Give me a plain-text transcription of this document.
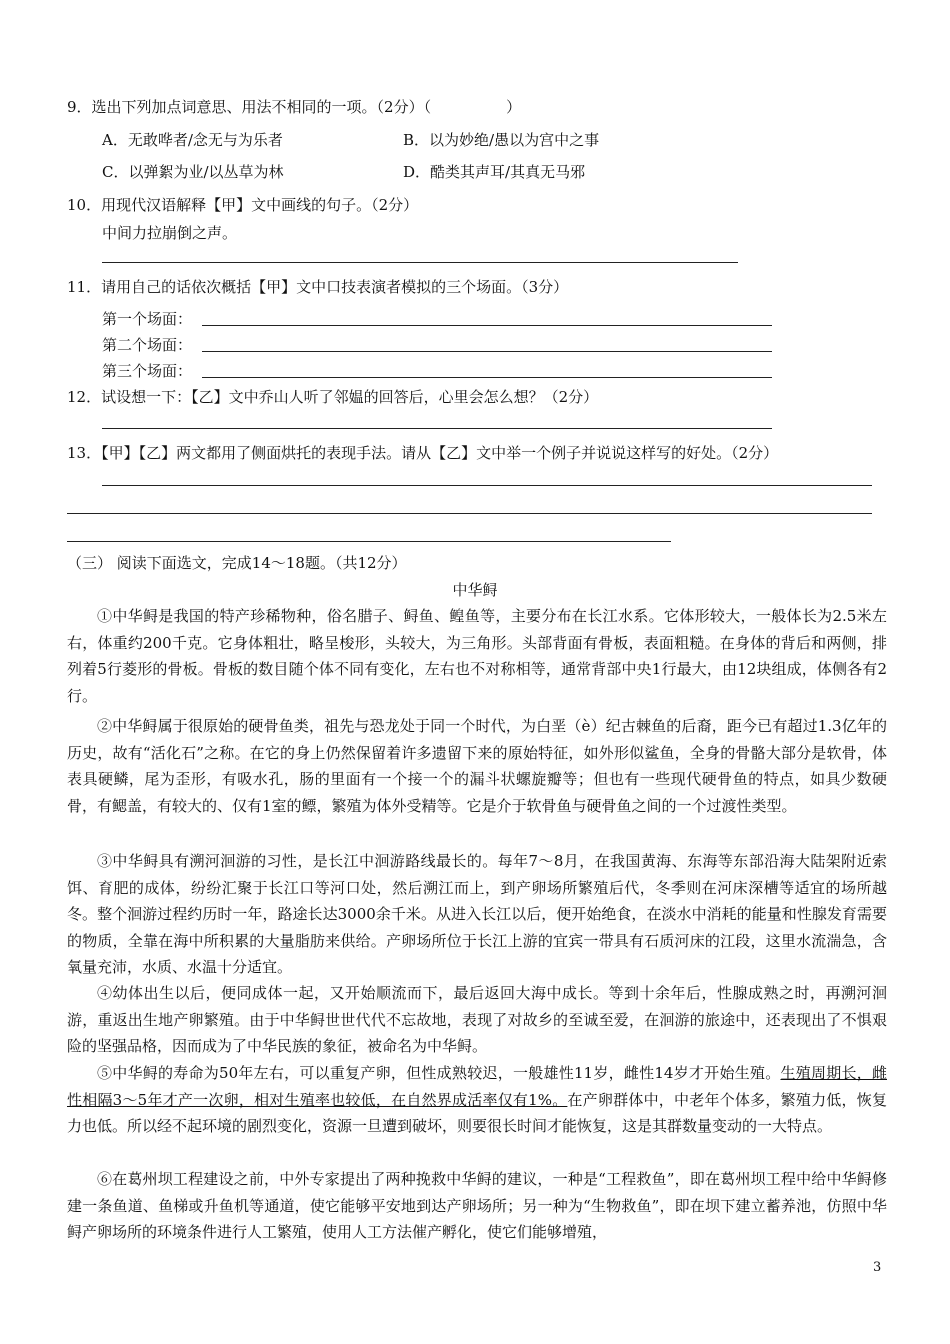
9．选出下列加点词意思、用法不相同的一项。（2分）（　　　　　）
A．无敢哗者/念无与为乐者	B．以为妙绝/愚以为宫中之事
C．以弹絮为业/以丛草为林	D．酷类其声耳/其真无马邪
10．用现代汉语解释【甲】文中画线的句子。（2分）
中间力拉崩倒之声。
11．请用自己的话依次概括【甲】文中口技表演者模拟的三个场面。（3分）
第一个场面：
第二个场面：
第三个场面：
12．试设想一下：【乙】文中乔山人听了邻媪的回答后，心里会怎么想？（2分）
13．【甲】【乙】两文都用了侧面烘托的表现手法。请从【乙】文中举一个例子并说说这样写的好处。（2分）
（三） 阅读下面选文，完成14～18题。（共12分）
中华鲟
①中华鲟是我国的特产珍稀物种，俗名腊子、鲟鱼、鳇鱼等，主要分布在长江水系。它体形较大，一般体长为2.5米左右，体重约200千克。它身体粗壮，略呈梭形，头较大，为三角形。头部背面有骨板，表面粗糙。在身体的背后和两侧，排列着5行菱形的骨板。骨板的数目随个体不同有变化，左右也不对称相等，通常背部中央1行最大，由12块组成，体侧各有2行。
②中华鲟属于很原始的硬骨鱼类，祖先与恐龙处于同一个时代，为白垩（è）纪古棘鱼的后裔，距今已有超过1.3亿年的历史，故有“活化石”之称。在它的身上仍然保留着许多遗留下来的原始特征，如外形似鲨鱼，全身的骨骼大部分是软骨，体表具硬鳞，尾为歪形，有吸水孔，肠的里面有一个接一个的漏斗状螺旋瓣等；但也有一些现代硬骨鱼的特点，如具少数硬骨，有鳃盖，有较大的、仅有1室的鳔，繁殖为体外受精等。它是介于软骨鱼与硬骨鱼之间的一个过渡性类型。
③中华鲟具有溯河洄游的习性，是长江中洄游路线最长的。每年7～8月，在我国黄海、东海等东部沿海大陆架附近索饵、育肥的成体，纷纷汇聚于长江口等河口处，然后溯江而上，到产卵场所繁殖后代，冬季则在河床深槽等适宜的场所越冬。整个洄游过程约历时一年，路途长达3000余千米。从进入长江以后，便开始绝食，在淡水中消耗的能量和性腺发育需要的物质，全靠在海中所积累的大量脂肪来供给。产卵场所位于长江上游的宜宾一带具有石质河床的江段，这里水流湍急，含氧量充沛，水质、水温十分适宜。
④幼体出生以后，便同成体一起，又开始顺流而下，最后返回大海中成长。等到十余年后，性腺成熟之时，再溯河洄游，重返出生地产卵繁殖。由于中华鲟世世代代不忘故地，表现了对故乡的至诚至爱，在洄游的旅途中，还表现出了不惧艰险的坚强品格，因而成为了中华民族的象征，被命名为中华鲟。
⑤中华鲟的寿命为50年左右，可以重复产卵，但性成熟较迟，一般雄性11岁，雌性14岁才开始生殖。生殖周期长，雌性相隔3～5年才产一次卵，相对生殖率也较低，在自然界成活率仅有1%。在产卵群体中，中老年个体多，繁殖力低，恢复力也低。所以经不起环境的剧烈变化，资源一旦遭到破坏，则要很长时间才能恢复，这是其群数量变动的一大特点。
⑥在葛州坝工程建设之前，中外专家提出了两种挽救中华鲟的建议，一种是“工程救鱼”，即在葛州坝工程中给中华鲟修建一条鱼道、鱼梯或升鱼机等通道，使它能够平安地到达产卵场所；另一种为“生物救鱼”，即在坝下建立蓄养池，仿照中华鲟产卵场所的环境条件进行人工繁殖，使用人工方法催产孵化，使它们能够增殖，
3
